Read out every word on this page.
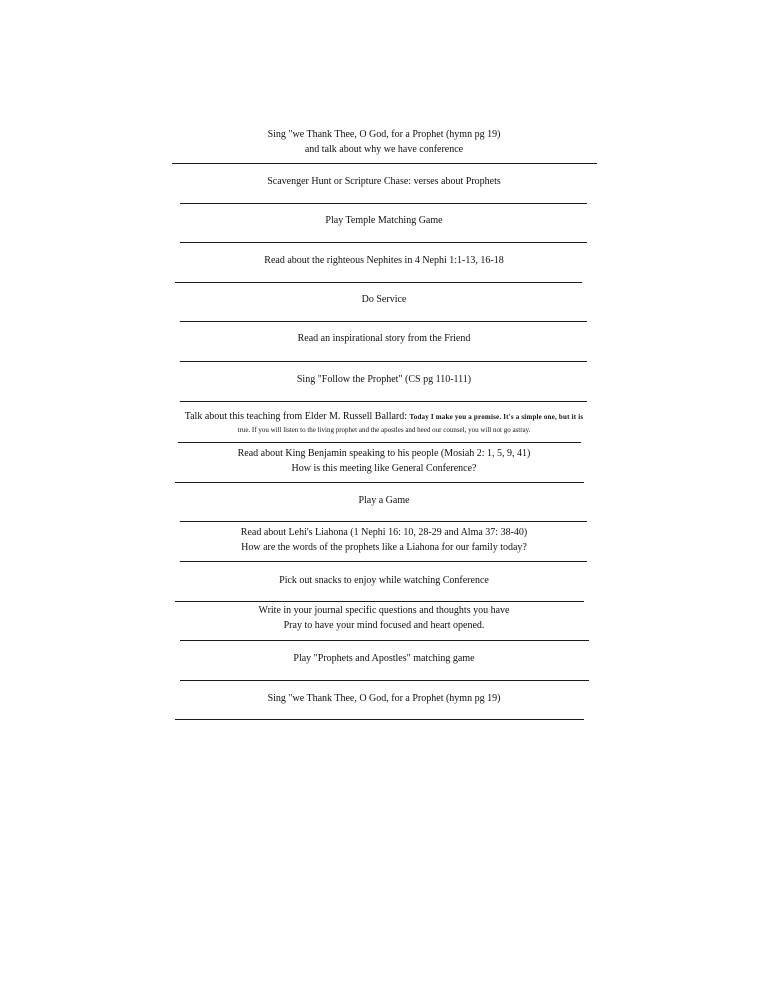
Sing "we Thank Thee, O God, for a Prophet (hymn pg 19)
and talk about why we have conference
Scavenger Hunt or Scripture Chase: verses about Prophets
Play Temple Matching Game
Read about the righteous Nephites in 4 Nephi 1:1-13, 16-18
Do Service
Read an inspirational story from the Friend
Sing "Follow the Prophet" (CS pg 110-111)
Talk about this teaching from Elder M. Russell Ballard: Today I make you a promise. It's a simple one, but it is
true. If you will listen to the living prophet and the apostles and heed our counsel, you will not go astray.
Read about King Benjamin speaking to his people (Mosiah 2: 1, 5, 9, 41)
How is this meeting like General Conference?
Play a Game
Read about Lehi's Liahona (1 Nephi 16: 10, 28-29 and Alma 37: 38-40)
How are the words of the prophets like a Liahona for our family today?
Pick out snacks to enjoy while watching Conference
Write in your journal specific questions and thoughts you have
Pray to have your mind focused and heart opened.
Play "Prophets and Apostles" matching game
Sing "we Thank Thee, O God, for a Prophet (hymn pg 19)
